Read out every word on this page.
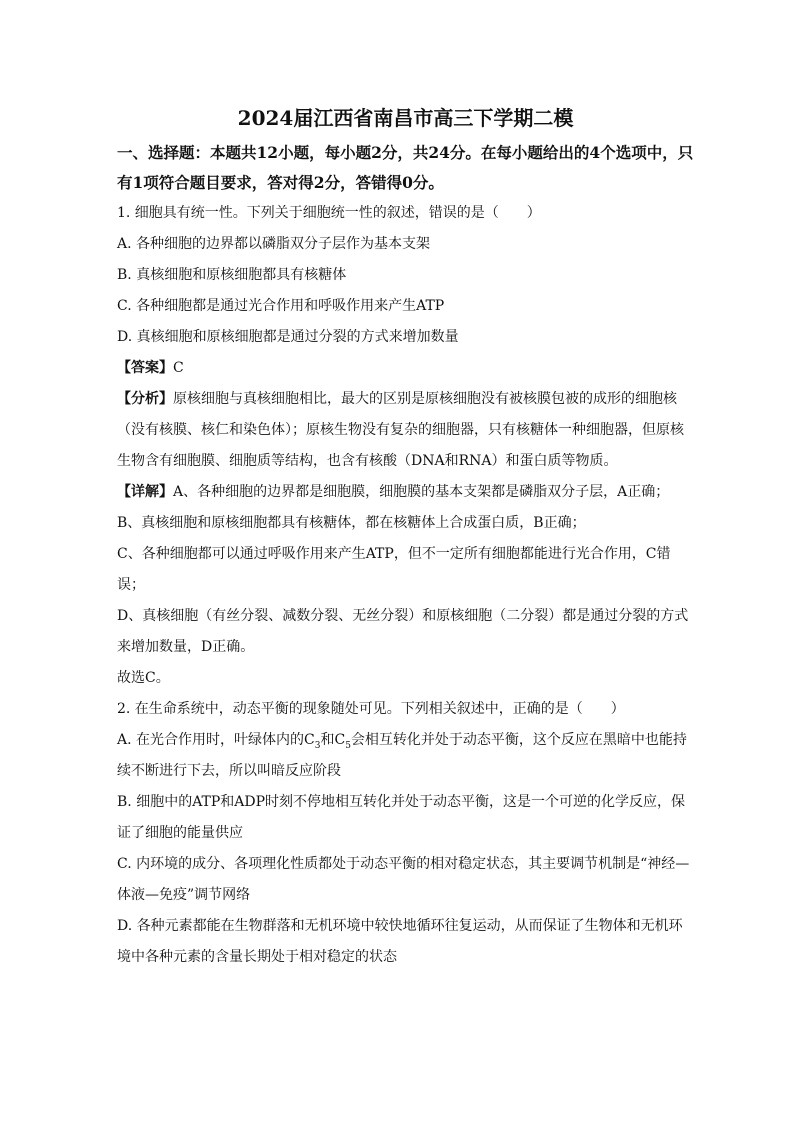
2024届江西省南昌市高三下学期二模

一、选择题：本题共12小题，每小题2分，共24分。在每小题给出的4个选项中，只有1项符合题目要求，答对得2分，答错得0分。

1. 细胞具有统一性。下列关于细胞统一性的叙述，错误的是（　　）

A. 各种细胞的边界都以磷脂双分子层作为基本支架

B. 真核细胞和原核细胞都具有核糖体

C. 各种细胞都是通过光合作用和呼吸作用来产生ATP

D. 真核细胞和原核细胞都是通过分裂的方式来增加数量

【答案】C

【分析】原核细胞与真核细胞相比，最大的区别是原核细胞没有被核膜包被的成形的细胞核（没有核膜、核仁和染色体）；原核生物没有复杂的细胞器，只有核糖体一种细胞器，但原核生物含有细胞膜、细胞质等结构，也含有核酸（DNA和RNA）和蛋白质等物质。

【详解】A、各种细胞的边界都是细胞膜，细胞膜的基本支架都是磷脂双分子层，A正确；

B、真核细胞和原核细胞都具有核糖体，都在核糖体上合成蛋白质，B正确；

C、各种细胞都可以通过呼吸作用来产生ATP，但不一定所有细胞都能进行光合作用，C错误；

D、真核细胞（有丝分裂、减数分裂、无丝分裂）和原核细胞（二分裂）都是通过分裂的方式来增加数量，D正确。

故选C。

2. 在生命系统中，动态平衡的现象随处可见。下列相关叙述中，正确的是（　　）

A. 在光合作用时，叶绿体内的$C_3$和$C_5$会相互转化并处于动态平衡，这个反应在黑暗中也能持续不断进行下去，所以叫暗反应阶段

B. 细胞中的ATP和ADP时刻不停地相互转化并处于动态平衡，这是一个可逆的化学反应，保证了细胞的能量供应

C. 内环境的成分、各项理化性质都处于动态平衡的相对稳定状态，其主要调节机制是“神经—体液—免疫”调节网络

D. 各种元素都能在生物群落和无机环境中较快地循环往复运动，从而保证了生物体和无机环境中各种元素的含量长期处于相对稳定的状态
